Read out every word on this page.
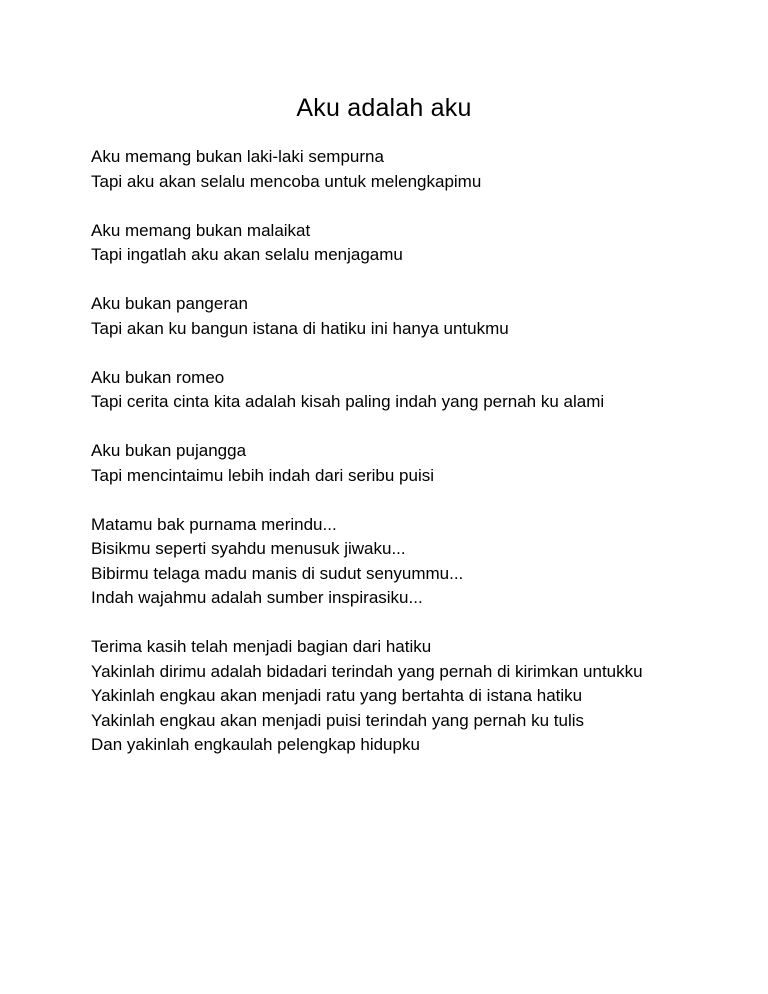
Aku adalah aku
Aku memang bukan laki-laki sempurna
Tapi aku akan selalu mencoba untuk melengkapimu
Aku memang bukan malaikat
Tapi ingatlah aku akan selalu menjagamu
Aku bukan pangeran
Tapi akan ku bangun istana di hatiku ini hanya untukmu
Aku bukan romeo
Tapi cerita cinta kita adalah kisah paling indah yang pernah ku alami
Aku bukan pujangga
Tapi mencintaimu lebih indah dari seribu puisi
Matamu bak purnama merindu...
Bisikmu seperti syahdu menusuk jiwaku...
Bibirmu telaga madu manis di sudut senyummu...
Indah wajahmu adalah sumber inspirasiku...
Terima kasih telah menjadi bagian dari hatiku
Yakinlah dirimu adalah bidadari terindah yang pernah di kirimkan untukku
Yakinlah engkau akan menjadi ratu yang bertahta di istana hatiku
Yakinlah engkau akan menjadi puisi terindah yang pernah ku tulis
Dan yakinlah engkaulah pelengkap hidupku
